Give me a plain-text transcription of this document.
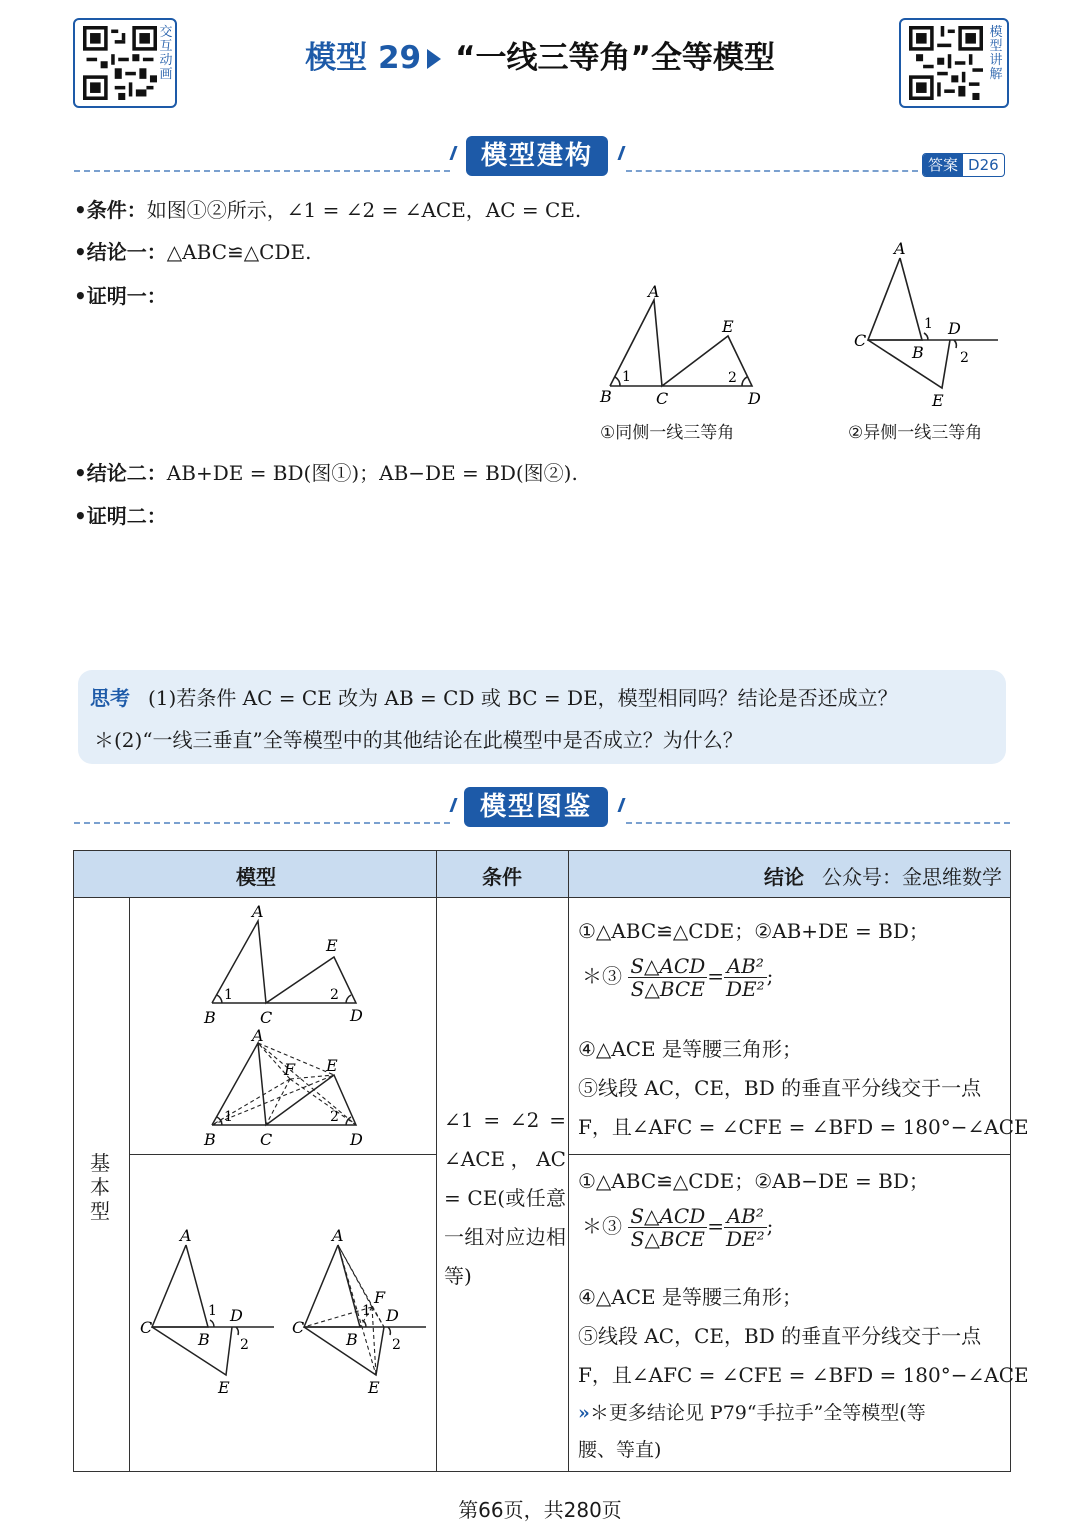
交互动画
模型讲解
模型 29 “一线三等角”全等模型
模型建构	答案 D26
•条件：如图①②所示，∠1 = ∠2 = ∠ACE，AC = CE.
•结论一：△ABC≌△CDE.
•证明一：
•结论二：AB+DE = BD(图①)；AB−DE = BD(图②).
•证明二：
A
E
B	C	D
1	2
①同侧一线三等角
A
C
B
D
E
1
2
②异侧一线三等角
思考 (1)若条件 AC = CE 改为 AB = CD 或 BC = DE，模型相同吗？结论是否还成立？
＊(2)“一线三垂直”全等模型中的其他结论在此模型中是否成立？为什么？
模型图鉴
模型	条件	结论 公众号：金思维数学
基本型
A
E
B	C	D
1	2
A
E
F
B	C	D
1	2
A
C
B
D
E
1
2
A
C
B
F
D
E
1
2
∠1 = ∠2 = ∠ACE，AC = CE(或任意一组对应边相等)
①△ABC≌△CDE；②AB+DE = BD；
＊③ $\frac{\text{S△ACD}}{\text{S△BCE}} = \frac{\text{AB²}}{\text{DE²}}$ ;
④△ACE 是等腰三角形；
⑤线段 AC，CE，BD 的垂直平分线交于一点
F，且∠AFC = ∠CFE = ∠BFD = 180°−∠ACE
①△ABC≌△CDE；②AB−DE = BD；
＊③ $\frac{\text{S△ACD}}{\text{S△BCE}} = \frac{\text{AB²}}{\text{DE²}}$ ;
④△ACE 是等腰三角形；
⑤线段 AC，CE，BD 的垂直平分线交于一点
F，且∠AFC = ∠CFE = ∠BFD = 180°−∠ACE
»＊更多结论见 P79“手拉手”全等模型(等
腰、等直)
第66页，共280页
